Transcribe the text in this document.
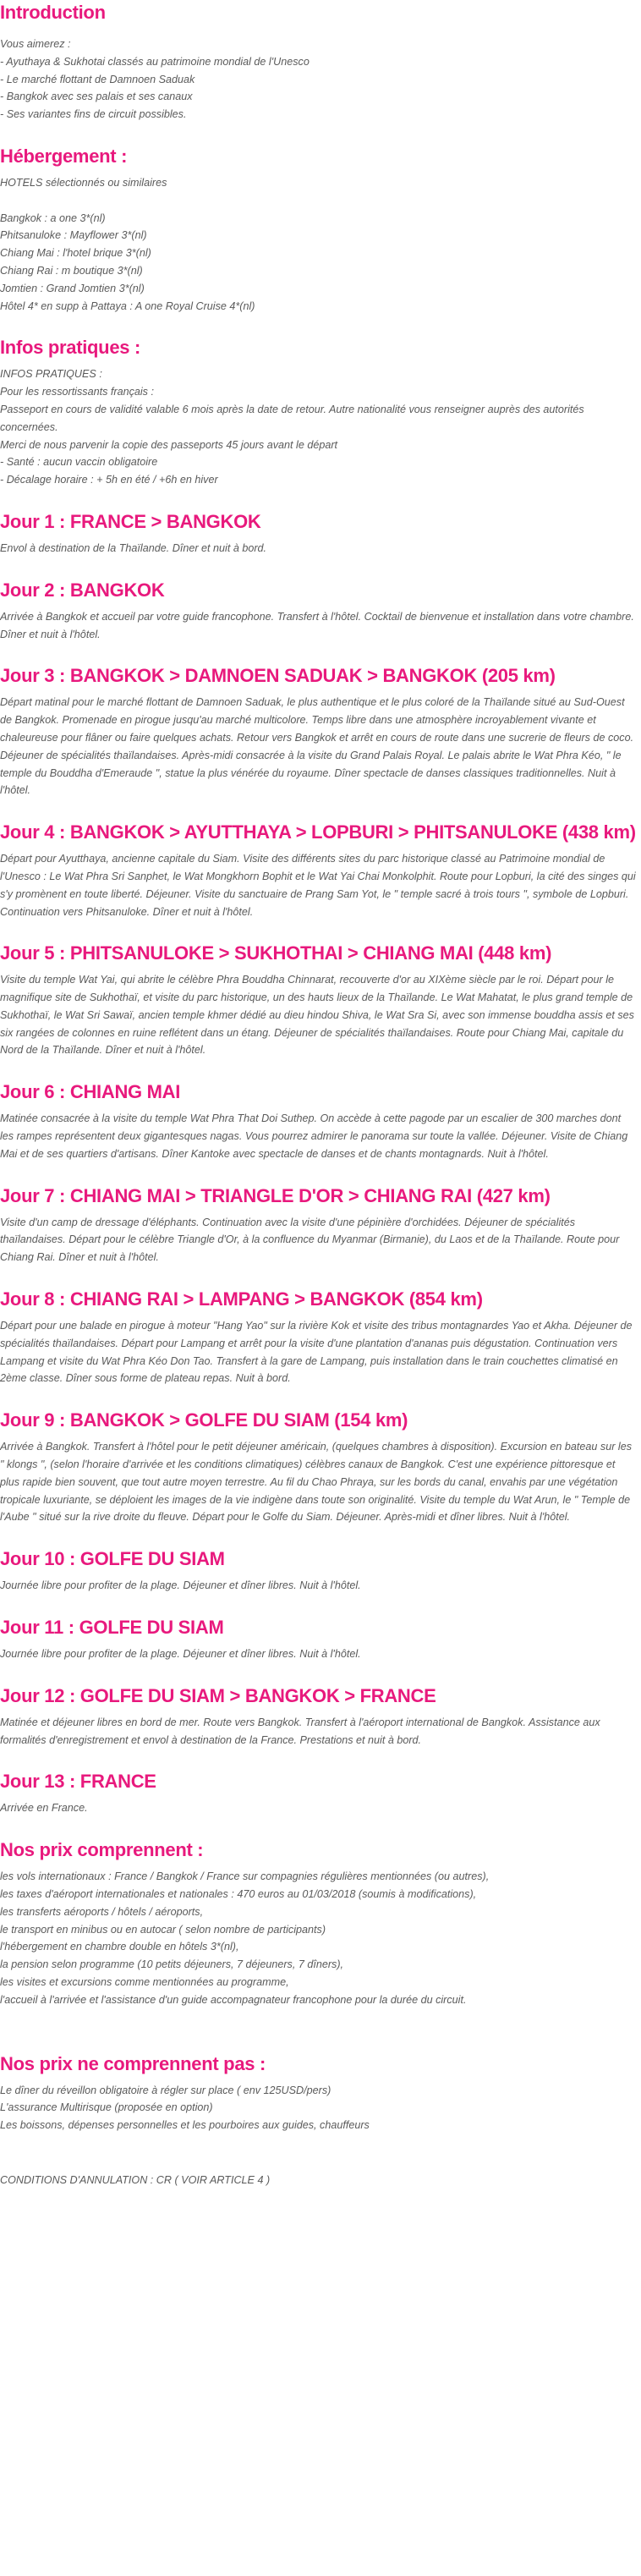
Introduction
Vous aimerez :
- Ayuthaya & Sukhotai classés au patrimoine mondial de l'Unesco
- Le marché flottant de Damnoen Saduak
- Bangkok avec ses palais et ses canaux
- Ses variantes fins de circuit possibles.
Hébergement :
HOTELS sélectionnés ou similaires
Bangkok : a one 3*(nl)
Phitsanuloke : Mayflower 3*(nl)
Chiang Mai : l'hotel brique 3*(nl)
Chiang Rai : m boutique 3*(nl)
Jomtien : Grand Jomtien 3*(nl)
Hôtel 4* en supp à Pattaya : A one Royal Cruise 4*(nl)
Infos pratiques :
INFOS PRATIQUES :
Pour les ressortissants français :
Passeport en cours de validité valable 6 mois après la date de retour. Autre nationalité vous renseigner auprès des autorités concernées.
Merci de nous parvenir la copie des passeports 45 jours avant le départ
- Santé : aucun vaccin obligatoire
- Décalage horaire : + 5h en été / +6h en hiver
Jour 1 : FRANCE > BANGKOK

Envol à destination de la Thaïlande. Dîner et nuit à bord.

Jour 2 : BANGKOK

Arrivée à Bangkok et accueil par votre guide francophone. Transfert à l'hôtel. Cocktail de bienvenue et installation dans votre chambre. Dîner et nuit à l'hôtel.

Jour 3 : BANGKOK > DAMNOEN SADUAK > BANGKOK (205 km)

Départ matinal pour le marché flottant de Damnoen Saduak, le plus authentique et le plus coloré de la Thaïlande situé au Sud-Ouest de Bangkok. Promenade en pirogue jusqu'au marché multicolore. Temps libre dans une atmosphère incroyablement vivante et chaleureuse pour flâner ou faire quelques achats. Retour vers Bangkok et arrêt en cours de route dans une sucrerie de fleurs de coco. Déjeuner de spécialités thaïlandaises. Après-midi consacrée à la visite du Grand Palais Royal. Le palais abrite le Wat Phra Kéo, " le temple du Bouddha d'Emeraude ", statue la plus vénérée du royaume. Dîner spectacle de danses classiques traditionnelles. Nuit à l'hôtel.

Jour 4 : BANGKOK > AYUTTHAYA > LOPBURI > PHITSANULOKE (438 km)

Départ pour Ayutthaya, ancienne capitale du Siam. Visite des différents sites du parc historique classé au Patrimoine mondial de l'Unesco : Le Wat Phra Sri Sanphet, le Wat Mongkhorn Bophit et le Wat Yai Chai Monkolphit. Route pour Lopburi, la cité des singes qui s'y promènent en toute liberté. Déjeuner. Visite du sanctuaire de Prang Sam Yot, le " temple sacré à trois tours ", symbole de Lopburi. Continuation vers Phitsanuloke. Dîner et nuit à l'hôtel.

Jour 5 : PHITSANULOKE > SUKHOTHAI > CHIANG MAI (448 km)

Visite du temple Wat Yai, qui abrite le célèbre Phra Bouddha Chinnarat, recouverte d'or au XIXème siècle par le roi. Départ pour le magnifique site de Sukhothaï, et visite du parc historique, un des hauts lieux de la Thaïlande. Le Wat Mahatat, le plus grand temple de Sukhothaï, le Wat Sri Sawaï, ancien temple khmer dédié au dieu hindou Shiva, le Wat Sra Si, avec son immense bouddha assis et ses six rangées de colonnes en ruine reflétent dans un étang. Déjeuner de spécialités thaïlandaises. Route pour Chiang Mai, capitale du Nord de la Thaïlande. Dîner et nuit à l'hôtel.

Jour 6 : CHIANG MAI

Matinée consacrée à la visite du temple Wat Phra That Doi Suthep. On accède à cette pagode par un escalier de 300 marches dont les rampes représentent deux gigantesques nagas. Vous pourrez admirer le panorama sur toute la vallée. Déjeuner. Visite de Chiang Mai et de ses quartiers d'artisans. Dîner Kantoke avec spectacle de danses et de chants montagnards. Nuit à l'hôtel.

Jour 7 : CHIANG MAI > TRIANGLE D'OR > CHIANG RAI (427 km)

Visite d'un camp de dressage d'éléphants. Continuation avec la visite d'une pépinière d'orchidées. Déjeuner de spécialités thaïlandaises. Départ pour le célèbre Triangle d'Or, à la confluence du Myanmar (Birmanie), du Laos et de la Thaïlande. Route pour Chiang Rai. Dîner et nuit à l'hôtel.

Jour 8 : CHIANG RAI > LAMPANG > BANGKOK (854 km)

Départ pour une balade en pirogue à moteur "Hang Yao" sur la rivière Kok et visite des tribus montagnardes Yao et Akha. Déjeuner de spécialités thaïlandaises. Départ pour Lampang et arrêt pour la visite d'une plantation d'ananas puis dégustation. Continuation vers Lampang et visite du Wat Phra Kéo Don Tao. Transfert à la gare de Lampang, puis installation dans le train couchettes climatisé en 2ème classe. Dîner sous forme de plateau repas. Nuit à bord.

Jour 9 : BANGKOK > GOLFE DU SIAM (154 km)

Arrivée à Bangkok. Transfert à l'hôtel pour le petit déjeuner américain, (quelques chambres à disposition). Excursion en bateau sur les " klongs ", (selon l'horaire d'arrivée et les conditions climatiques) célèbres canaux de Bangkok. C'est une expérience pittoresque et plus rapide bien souvent, que tout autre moyen terrestre. Au fil du Chao Phraya, sur les bords du canal, envahis par une végétation tropicale luxuriante, se déploient les images de la vie indigène dans toute son originalité. Visite du temple du Wat Arun, le " Temple de l'Aube " situé sur la rive droite du fleuve. Départ pour le Golfe du Siam. Déjeuner. Après-midi et dîner libres. Nuit à l'hôtel.

Jour 10 : GOLFE DU SIAM

Journée libre pour profiter de la plage. Déjeuner et dîner libres. Nuit à l'hôtel.

Jour 11 : GOLFE DU SIAM

Journée libre pour profiter de la plage. Déjeuner et dîner libres. Nuit à l'hôtel.

Jour 12 : GOLFE DU SIAM > BANGKOK > FRANCE

Matinée et déjeuner libres en bord de mer. Route vers Bangkok. Transfert à l'aéroport international de Bangkok. Assistance aux formalités d'enregistrement et envol à destination de la France. Prestations et nuit à bord.

Jour 13 : FRANCE

Arrivée en France.

Nos prix comprennent :
les vols internationaux : France / Bangkok / France sur compagnies régulières mentionnées (ou autres),
les taxes d'aéroport internationales et nationales : 470 euros au 01/03/2018 (soumis à modifications),
les transferts aéroports / hôtels / aéroports,
le transport en minibus ou en autocar ( selon nombre de participants)
l'hébergement en chambre double en hôtels 3*(nl),
la pension selon programme (10 petits déjeuners, 7 déjeuners, 7 dîners),
les visites et excursions comme mentionnées au programme,
l'accueil à l'arrivée et l'assistance d'un guide accompagnateur francophone pour la durée du circuit.
Nos prix ne comprennent pas :
Le dîner du réveillon obligatoire à régler sur place ( env 125USD/pers)
L'assurance Multirisque (proposée en option)
Les boissons, dépenses personnelles et les pourboires aux guides, chauffeurs

CONDITIONS D'ANNULATION : CR ( VOIR ARTICLE 4 )
